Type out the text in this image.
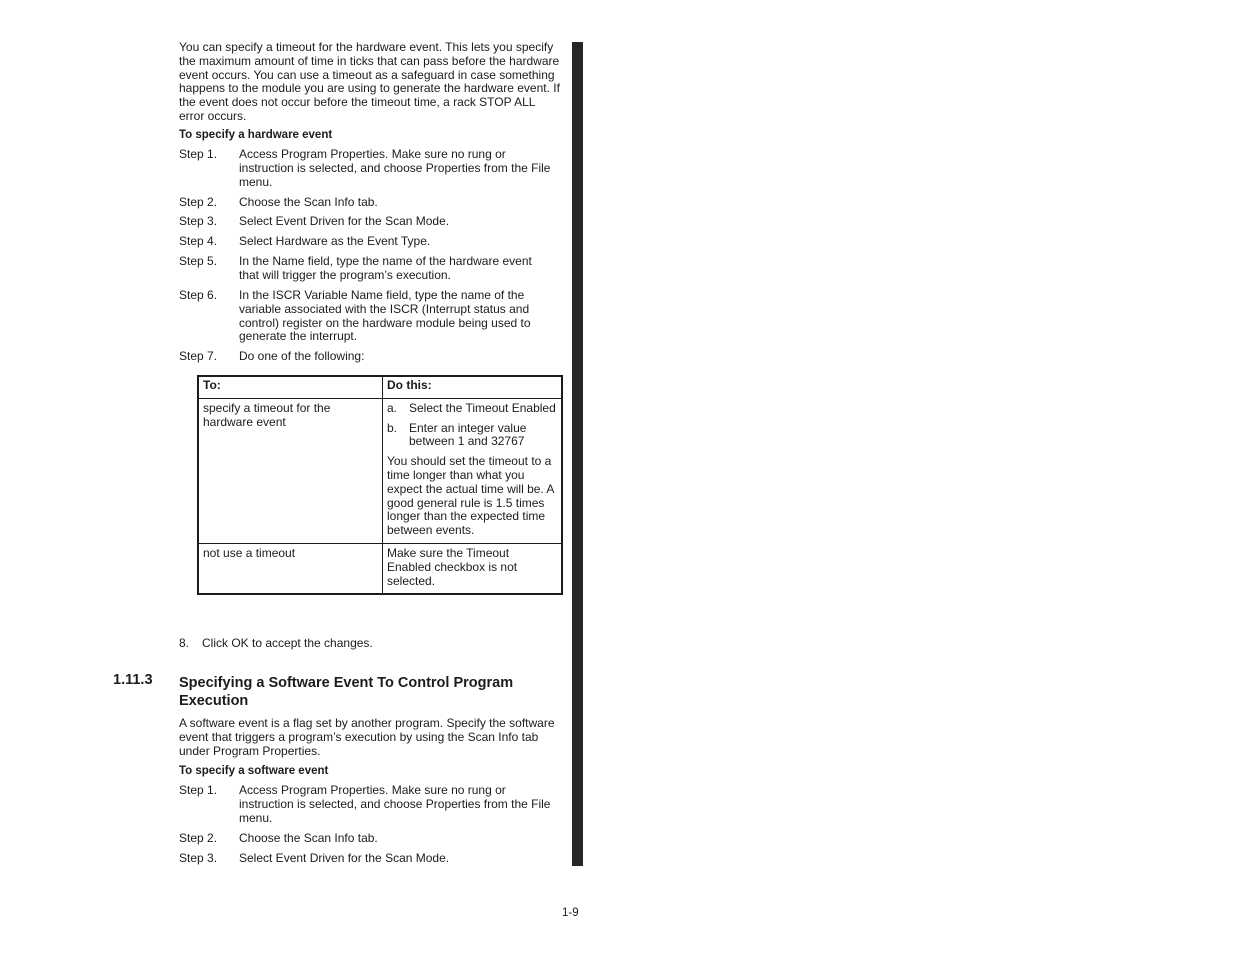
You can specify a timeout for the hardware event. This lets you specify the maximum amount of time in ticks that can pass before the hardware event occurs. You can use a timeout as a safeguard in case something happens to the module you are using to generate the hardware event. If the event does not occur before the timeout time, a rack STOP ALL error occurs.
To specify a hardware event
Step 1.	Access Program Properties. Make sure no rung or instruction is selected, and choose Properties from the File menu.
Step 2.	Choose the Scan Info tab.
Step 3.	Select Event Driven for the Scan Mode.
Step 4.	Select Hardware as the Event Type.
Step 5.	In the Name field, type the name of the hardware event that will trigger the program’s execution.
Step 6.	In the ISCR Variable Name field, type the name of the variable associated with the ISCR (Interrupt status and control) register on the hardware module being used to generate the interrupt.
Step 7.	Do one of the following:
To:	Do this:
specify a timeout for the hardware event	a. Select the Timeout Enabled
b. Enter an integer value between 1 and 32767
You should set the timeout to a time longer than what you expect the actual time will be. A good general rule is 1.5 times longer than the expected time between events.

not use a timeout	Make sure the Timeout Enabled checkbox is not selected.
8. Click OK to accept the changes.
1.11.3 Specifying a Software Event To Control Program Execution
A software event is a flag set by another program. Specify the software event that triggers a program’s execution by using the Scan Info tab under Program Properties.
To specify a software event
Step 1.	Access Program Properties. Make sure no rung or instruction is selected, and choose Properties from the File menu.
Step 2.	Choose the Scan Info tab.
Step 3.	Select Event Driven for the Scan Mode.
1-9
